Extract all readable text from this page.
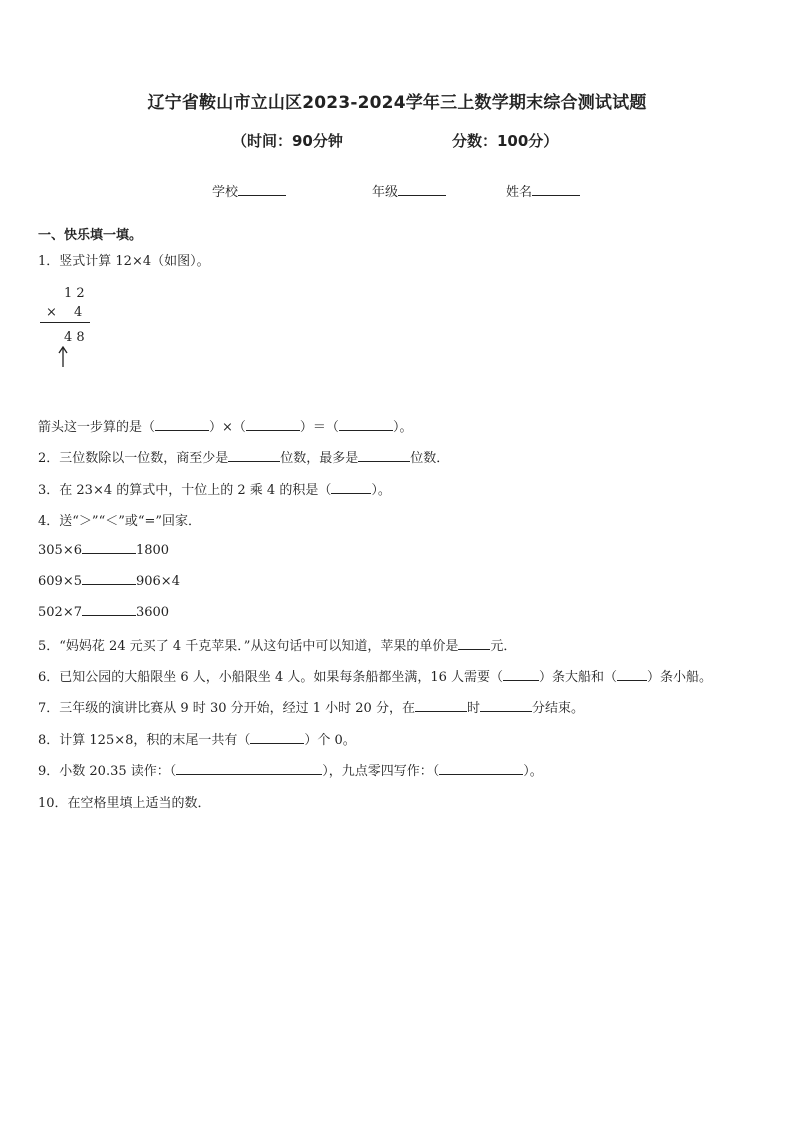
辽宁省鞍山市立山区2023-2024学年三上数学期末综合测试试题
（时间：90分钟	分数：100分）
学校	年级	姓名
一、快乐填一填。
1．竖式计算 12×4（如图）。
1 2
× 4
4 8
箭头这一步算的是（	）×（	）＝（	）。
2．三位数除以一位数，商至少是	位数，最多是	位数．
3．在 23×4 的算式中，十位上的 2 乘 4 的积是（	）。
4．送“＞”“＜”或“=”回家．
305×6	1800
609×5	906×4
502×7	3600
5．“妈妈花 24 元买了 4 千克苹果．”从这句话中可以知道，苹果的单价是 元．
6．已知公园的大船限坐 6 人，小船限坐 4 人。如果每条船都坐满，16 人需要（	）条大船和（ ）条小船。
7．三年级的演讲比赛从 9 时 30 分开始，经过 1 小时 20 分，在	时	分结束。
8．计算 125×8，积的末尾一共有（	）个 0。
9．小数 20.35 读作：（	），九点零四写作：（	）。
10．在空格里填上适当的数．
